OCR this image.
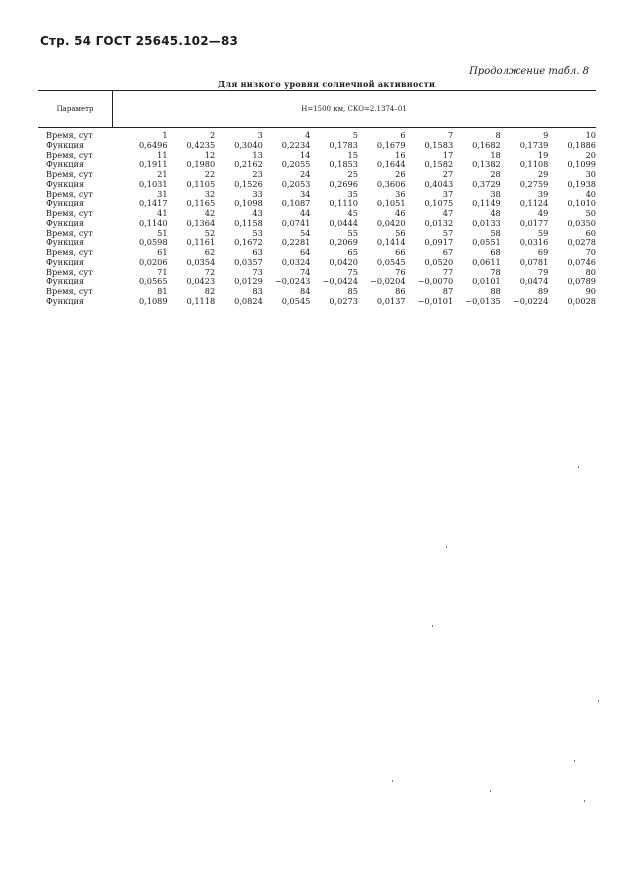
Стр. 54 ГОСТ 25645.102—83
Продолжение табл. 8
Для низкого уровня солнечной активности
Параметр	H=1500 км, СКО=2.1374–01
Время, сут	1	2	3	4	5	6	7	8	9	10
Функция	0,6496	0,4235	0,3040	0,2234	0,1783	0,1679	0,1583	0,1682	0,1739	0,1886
Время, сут	11	12	13	14	15	16	17	18	19	20
Функция	0,1911	0,1980	0,2162	0,2055	0,1853	0,1644	0,1582	0,1382	0,1108	0,1099
Время, сут	21	22	23	24	25	26	27	28	29	30
Функция	0,1031	0,1105	0,1526	0,2053	0,2696	0,3606	0,4043	0,3729	0,2759	0,1938
Время, сут	31	32	33	34	35	36	37	38	39	40
Функция	0,1417	0,1165	0,1098	0,1087	0,1110	0,1051	0,1075	0,1149	0,1124	0,1010
Время, сут	41	42	43	44	45	46	47	48	49	50
Функция	0,1140	0,1364	0,1158	0,0741	0,0444	0,0420	0,0132	0,0133	0,0177	0,0350
Время, сут	51	52	53	54	55	56	57	58	59	60
Функция	0,0598	0,1161	0,1672	0,2281	0,2069	0,1414	0,0917	0,0551	0,0316	0,0278
Время, сут	61	62	63	64	65	66	67	68	69	70
Функция	0,0206	0,0354	0,0357	0,0324	0,0420	0,0545	0,0520	0,0611	0,0781	0,0746
Время, сут	71	72	73	74	75	76	77	78	79	80
Функция	0,0565	0,0423	0,0129	−0,0243	−0,0424	−0,0204	−0,0070	0,0101	0,0474	0,0789
Время, сут	81	82	83	84	85	86	87	88	89	90
Функция	0,1089	0,1118	0,0824	0,0545	0,0273	0,0137	−0,0101	−0,0135	−0,0224	0,0028
